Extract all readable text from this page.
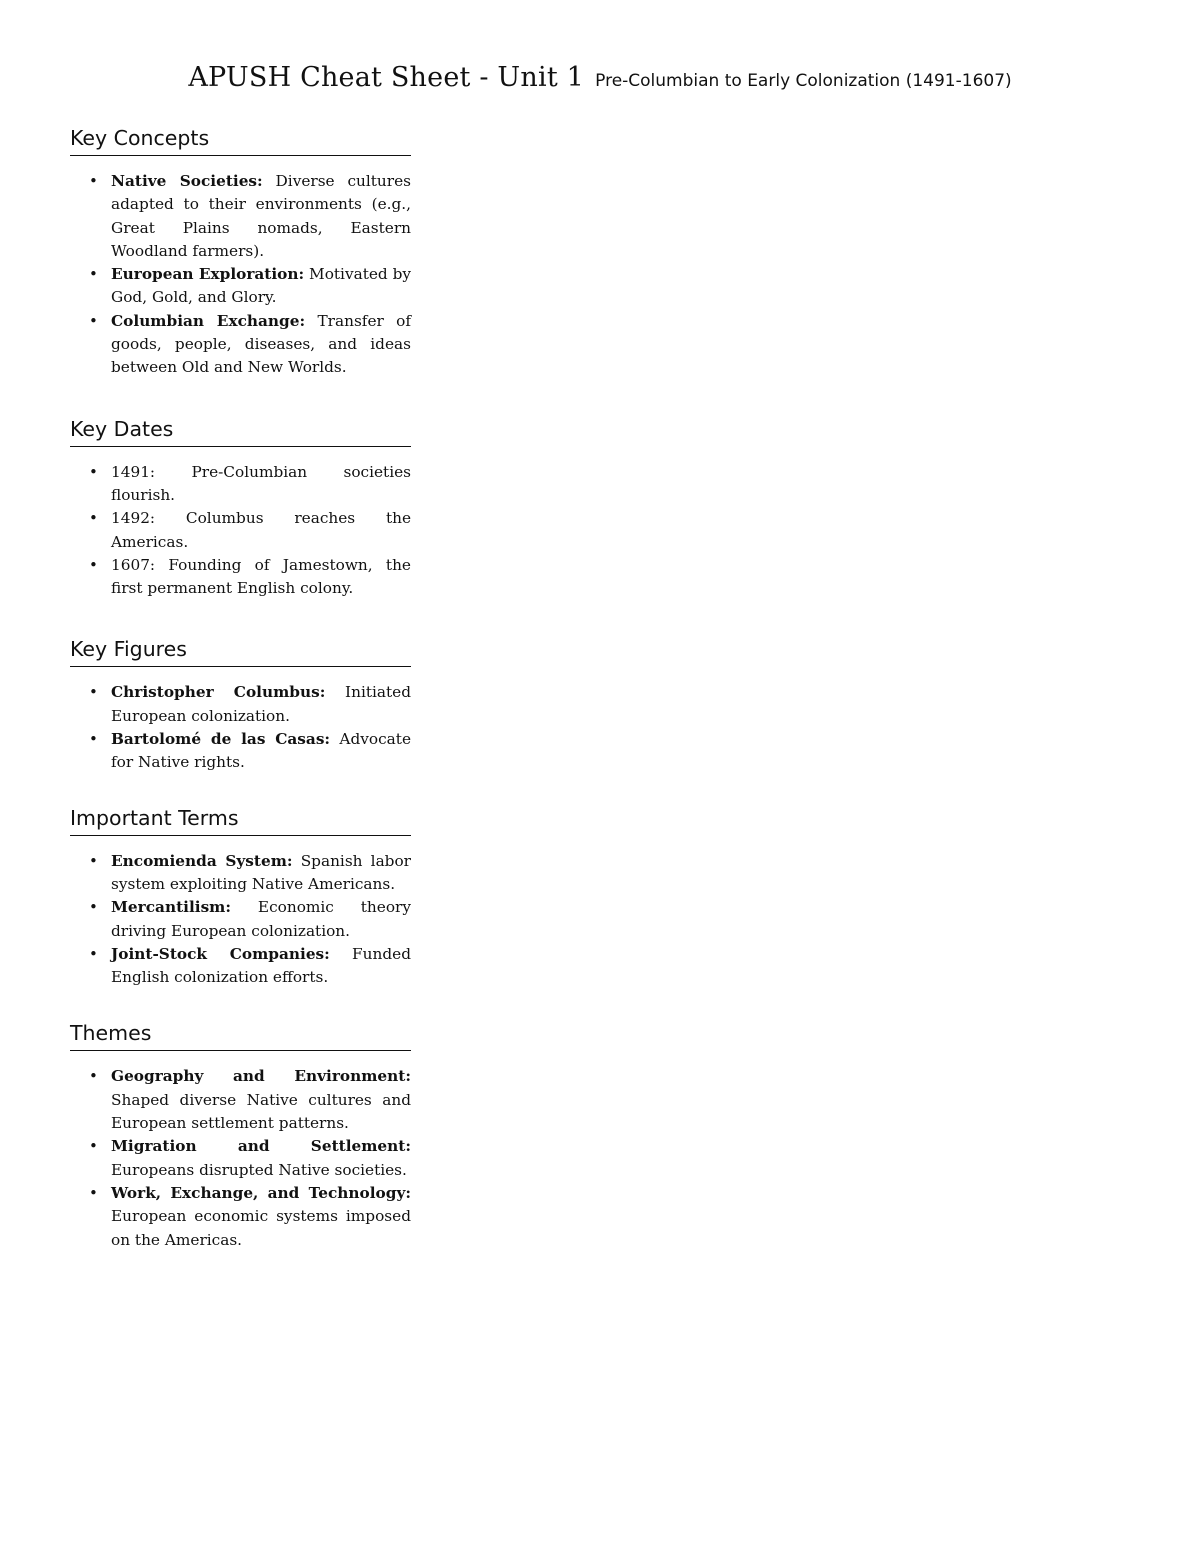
APUSH Cheat Sheet - Unit 1 Pre-Columbian to Early Colonization (1491-1607)
Key Concepts
• Native Societies: Diverse cultures adapted to their environments (e.g., Great Plains nomads, Eastern Woodland farmers).
• European Exploration: Motivated by God, Gold, and Glory.
• Columbian Exchange: Transfer of goods, people, diseases, and ideas between Old and New Worlds.
Key Dates
• 1491: Pre-Columbian societies flourish.
• 1492: Columbus reaches the Americas.
• 1607: Founding of Jamestown, the first permanent English colony.
Key Figures
• Christopher Columbus: Initiated European colonization.
• Bartolomé de las Casas: Advocate for Native rights.
Important Terms
• Encomienda System: Spanish labor system exploiting Native Americans.
• Mercantilism: Economic theory driving European colonization.
• Joint-Stock Companies: Funded English colonization efforts.
Themes
• Geography and Environment: Shaped diverse Native cultures and European settlement patterns.
• Migration and Settlement: Europeans disrupted Native societies.
• Work, Exchange, and Technology: European economic systems imposed on the Americas.
